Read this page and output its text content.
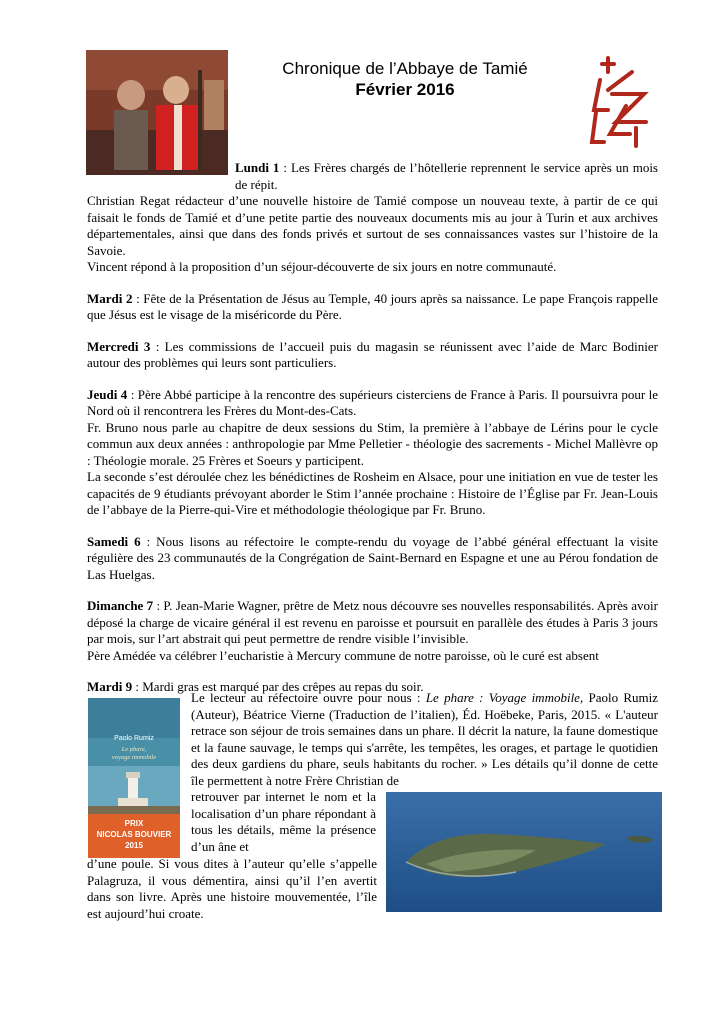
Chronique de l’Abbaye de Tamié
Février 2016

Lundi 1 : Les Frères chargés de l’hôtellerie reprennent le service après un mois de répit.

Christian Regat rédacteur d’une nouvelle histoire de Tamié compose un nouveau texte, à partir de ce qui faisait le fonds de Tamié et d’une petite partie des nouveaux documents mis au jour à Turin et aux archives départementales, ainsi que dans des fonds privés et surtout de ses connaissances vastes sur l’histoire de la Savoie.

Vincent répond à la proposition d’un séjour-découverte de six jours en notre communauté.

Mardi 2 : Fête de la Présentation de Jésus au Temple, 40 jours après sa naissance. Le pape François rappelle que Jésus est le visage de la miséricorde du Père.

Mercredi 3 : Les commissions de l’accueil puis du magasin se réunissent avec l’aide de Marc Bodinier autour des problèmes qui leurs sont particuliers.

Jeudi 4 : Père Abbé participe à la rencontre des supérieurs cisterciens de France à Paris. Il poursuivra pour le Nord où il rencontrera les Frères du Mont-des-Cats.

Fr. Bruno nous parle au chapitre de deux sessions du Stim, la première à l’abbaye de Lérins pour le cycle commun aux deux années : anthropologie par Mme Pelletier - théologie des sacrements - Michel Mallèvre op : Théologie morale. 25 Frères et Soeurs y participent.

La seconde s’est déroulée chez les bénédictines de Rosheim en Alsace, pour une initiation en vue de tester les capacités de 9 étudiants prévoyant aborder le Stim l’année prochaine : Histoire de l’Église par Fr. Jean-Louis de l’abbaye de la Pierre-qui-Vire et méthodologie théologique par Fr. Bruno.

Samedi 6 : Nous lisons au réfectoire le compte-rendu du voyage de l’abbé général effectuant la visite régulière des 23 communautés de la Congrégation de Saint-Bernard en Espagne et une au Pérou fondation de Las Huelgas.

Dimanche 7 : P. Jean-Marie Wagner, prêtre de Metz nous découvre ses nouvelles responsabilités. Après avoir déposé la charge de vicaire général il est revenu en paroisse et poursuit en parallèle des études à Paris 3 jours par mois, sur l’art abstrait qui peut permettre de rendre visible l’invisible.

Père Amédée va célébrer l’eucharistie à Mercury commune de notre paroisse, où le curé est absent

Mardi 9 : Mardi gras est marqué par des crêpes au repas du soir.

Paolo Rumiz
Le phare,
voyage immobile
PRIX
NICOLAS BOUVIER
2015

Le lecteur au réfectoire ouvre pour nous : Le phare : Voyage immobile, Paolo Rumiz (Auteur), Béatrice Vierne (Traduction de l’italien), Éd. Hoëbeke, Paris, 2015. « L'auteur retrace son séjour de trois semaines dans un phare. Il décrit la nature, la faune domestique et la faune sauvage, le temps qui s'arrête, les tempêtes, les orages, et partage le quotidien des deux gardiens du phare, seuls habitants du rocher. » Les détails qu’il donne de cette île permettent à notre Frère Christian de

retrouver par internet le nom et la localisation d’un phare répondant à tous les détails, même la présence d’un âne et

d’une poule. Si vous dites à l’auteur qu’elle s’appelle Palagruza, il vous démentira, ainsi qu’il l’en avertit dans son livre. Après une histoire mouvementée, l’île est aujourd’hui croate.
